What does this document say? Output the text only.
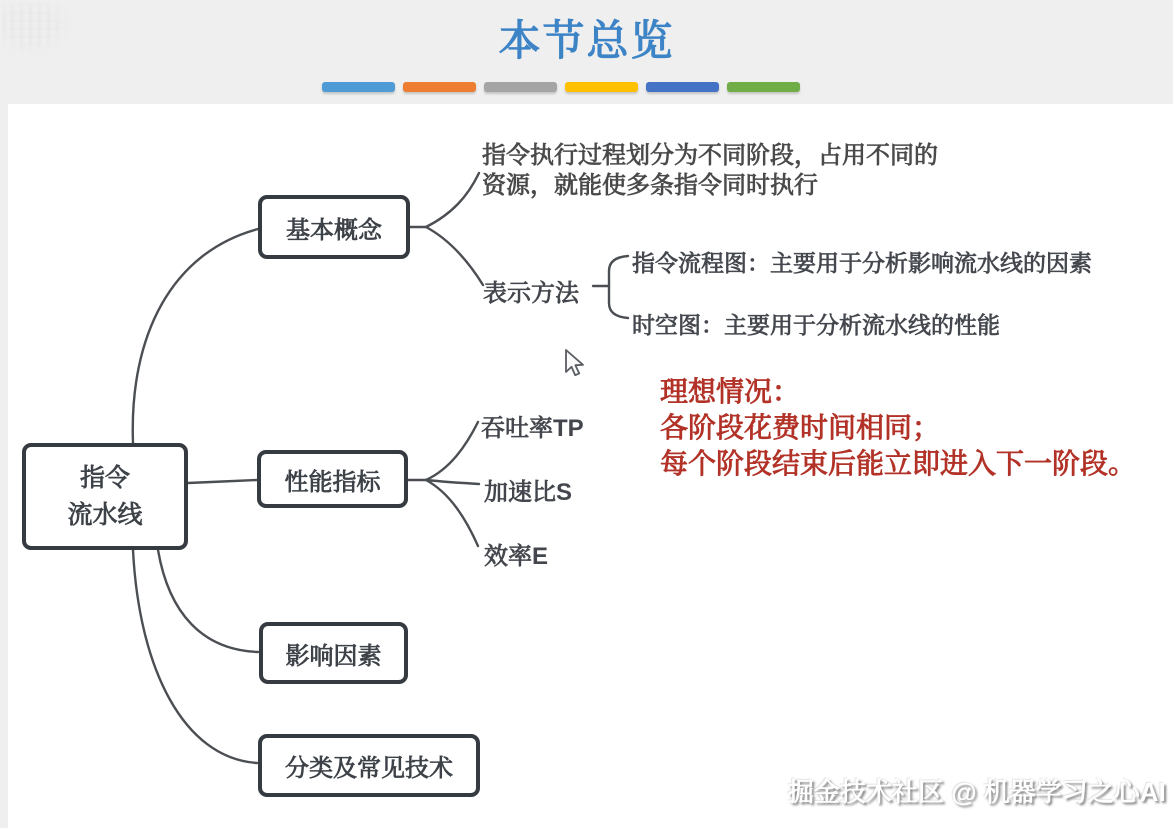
本节总览
指令
流水线
基本概念
性能指标
影响因素
分类及常见技术
指令执行过程划分为不同阶段，占用不同的
资源，就能使多条指令同时执行
表示方法
指令流程图：主要用于分析影响流水线的因素
时空图：主要用于分析流水线的性能
吞吐率TP
加速比S
效率E
理想情况：
各阶段花费时间相同；
每个阶段结束后能立即进入下一阶段。
掘金技术社区 @ 机器学习之心AI
